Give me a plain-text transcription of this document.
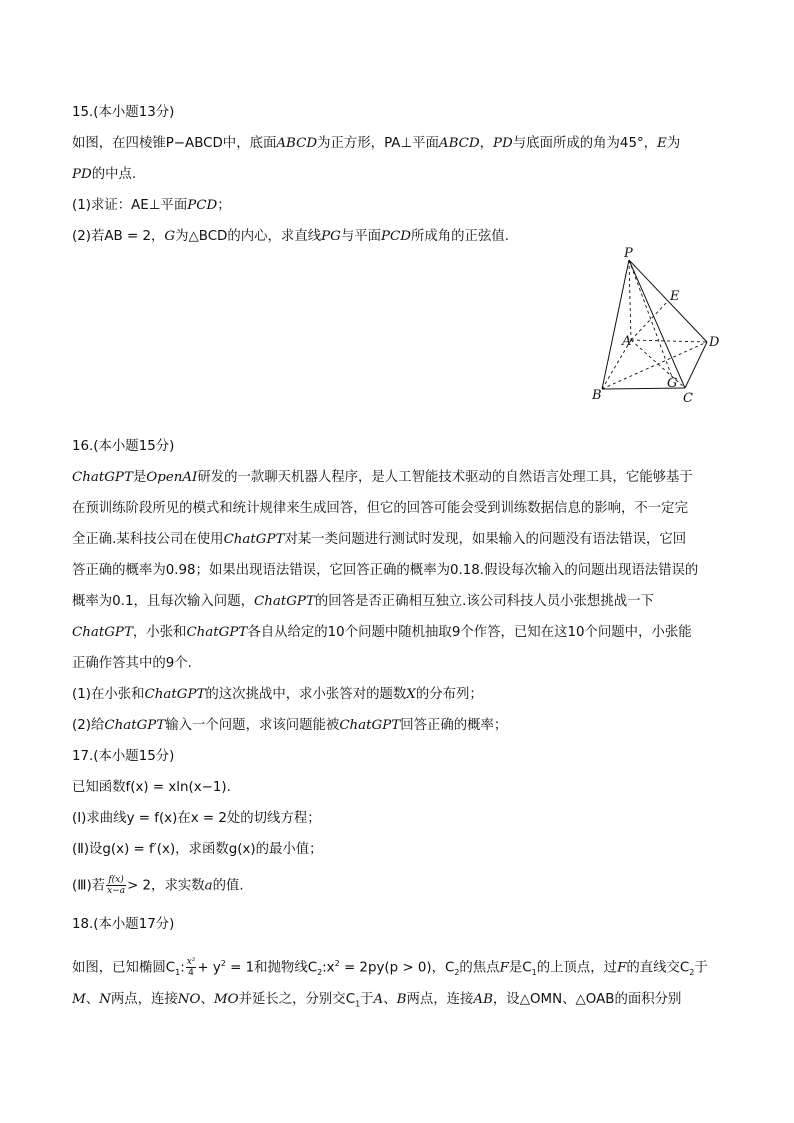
15.(本小题13分)
如图，在四棱锥P−ABCD中，底面ABCD为正方形，PA⊥平面ABCD，PD与底面所成的角为45°，E为
PD的中点.
(1)求证：AE⊥平面PCD；
(2)若AB = 2，G为△BCD的内心，求直线PG与平面PCD所成角的正弦值.
P
E
A	D
G
B	C
16.(本小题15分)
ChatGPT是OpenAI研发的一款聊天机器人程序，是人工智能技术驱动的自然语言处理工具，它能够基于
在预训练阶段所见的模式和统计规律来生成回答，但它的回答可能会受到训练数据信息的影响，不一定完
全正确.某科技公司在使用ChatGPT对某一类问题进行测试时发现，如果输入的问题没有语法错误，它回
答正确的概率为0.98；如果出现语法错误，它回答正确的概率为0.18.假设每次输入的问题出现语法错误的
概率为0.1，且每次输入问题，ChatGPT的回答是否正确相互独立.该公司科技人员小张想挑战一下
ChatGPT，小张和ChatGPT各自从给定的10个问题中随机抽取9个作答，已知在这10个问题中，小张能
正确作答其中的9个.
(1)在小张和ChatGPT的这次挑战中，求小张答对的题数X的分布列；
(2)给ChatGPT输入一个问题，求该问题能被ChatGPT回答正确的概率；
17.(本小题15分)
已知函数f(x) = xln(x−1).
(Ⅰ)求曲线y = f(x)在x = 2处的切线方程；
(Ⅱ)设g(x) = f′(x)，求函数g(x)的最小值；
(Ⅲ)若 $\frac{f(x)}{x-a} > 2$，求实数a的值.
18.(本小题17分)
如图，已知椭圆$C_1$: $\frac{\text{x²}}{4} + y^2 = 1$和抛物线$C_2:x^2 = 2py(p > 0)$，$C_2$的焦点F是$C_1$的上顶点，过F的直线交$C_2$于
M、N两点，连接NO、MO并延长之，分别交$C_1$于A、B两点，连接AB，设△OMN、△OAB的面积分别
